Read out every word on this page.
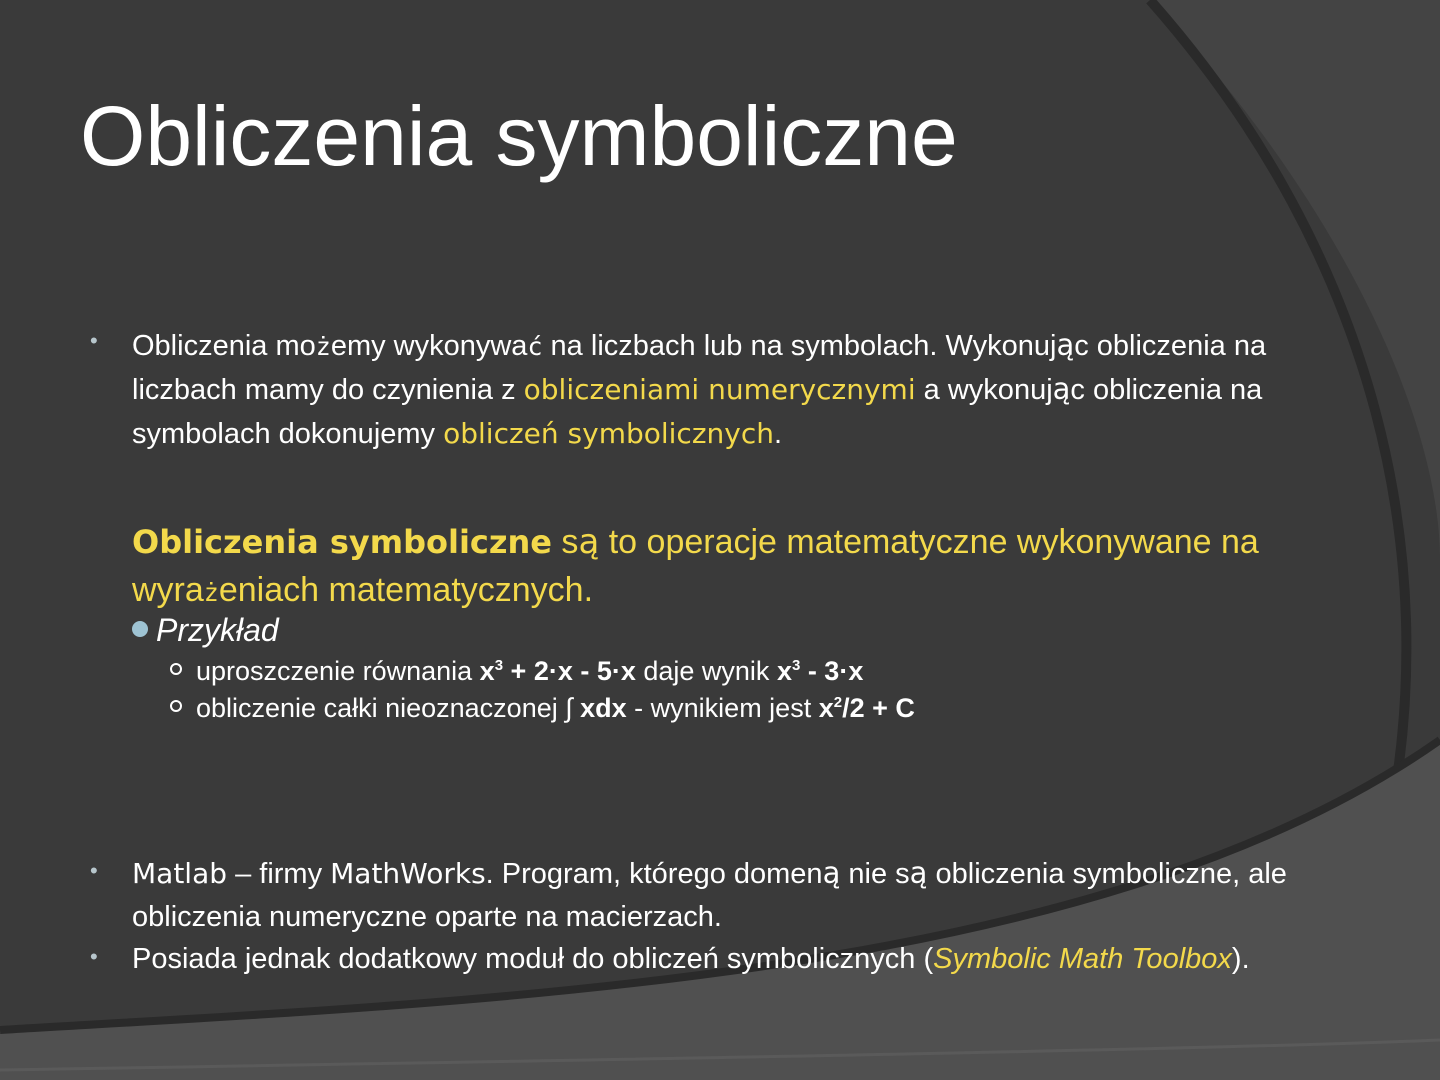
Obliczenia symboliczne
• Obliczenia możemy wykonywać na liczbach lub na symbolach. Wykonując obliczenia na liczbach mamy do czynienia z obliczeniami numerycznymi a wykonując obliczenia na symbolach dokonujemy obliczeń symbolicznych.
Obliczenia symboliczne są to operacje matematyczne wykonywane na wyrażeniach matematycznych.
Przykład
uproszczenie równania $x^3 + 2\cdot x - 5\cdot x$ daje wynik $x^3 - 3\cdot x$
obliczenie całki nieoznaczonej ∫ xdx - wynikiem jest $x^2/2 + C$
• Matlab – firmy MathWorks. Program, którego domeną nie są obliczenia symboliczne, ale obliczenia numeryczne oparte na macierzach.
• Posiada jednak dodatkowy moduł do obliczeń symbolicznych (Symbolic Math Toolbox).
